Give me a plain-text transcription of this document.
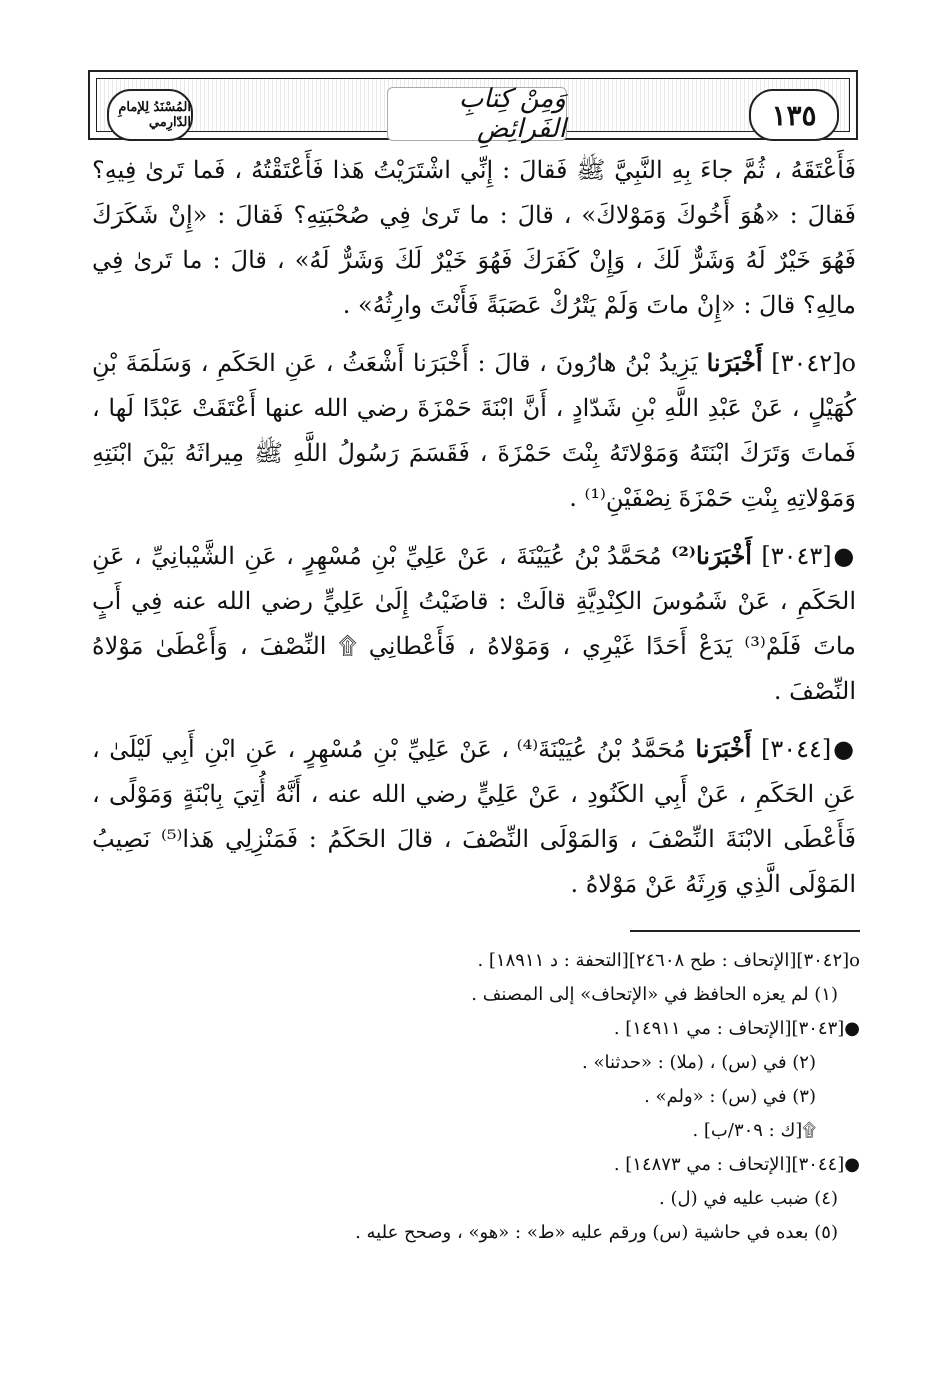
المُسْنَدُ لِلإمامِ الدّارِمي
وَمِنْ كِتابِ الفَرائِضِ	١٣٥

فَأَعْتَقَهُ ، ثُمَّ جاءَ بِهِ النَّبِيَّ ﷺ فَقالَ : إِنِّي اشْتَرَيْتُ هَذا فَأَعْتَقْتُهُ ، فَما تَرىٰ فِيهِ؟ فَقالَ : «هُوَ أَخُوكَ وَمَوْلاكَ» ، قالَ : ما تَرىٰ فِي صُحْبَتِهِ؟ فَقالَ : «إِنْ شَكَرَكَ فَهُوَ خَيْرٌ لَهُ وَشَرٌّ لَكَ ، وَإِنْ كَفَرَكَ فَهُوَ خَيْرٌ لَكَ وَشَرٌّ لَهُ» ، قالَ : ما تَرىٰ فِي مالِهِ؟ قالَ : «إِنْ ماتَ وَلَمْ يَتْرُكْ عَصَبَةً فَأَنْتَ وارِثُهُ» .

o[٣٠٤٢] أَخْبَرَنا يَزِيدُ بْنُ هارُونَ ، قالَ : أَخْبَرَنا أَشْعَثُ ، عَنِ الحَكَمِ ، وَسَلَمَةَ بْنِ كُهَيْلٍ ، عَنْ عَبْدِ اللَّهِ بْنِ شَدّادٍ ، أَنَّ ابْنَةَ حَمْزَةَ رضي الله عنها أَعْتَقَتْ عَبْدًا لَها ، فَماتَ وَتَرَكَ ابْنَتَهُ وَمَوْلاتَهُ بِنْتَ حَمْزَةَ ، فَقَسَمَ رَسُولُ اللَّهِ ﷺ مِيراثَهُ بَيْنَ ابْنَتِهِ وَمَوْلاتِهِ بِنْتِ حَمْزَةَ نِصْفَيْنِ⁽¹⁾ .

●[٣٠٤٣] أَخْبَرَنا⁽²⁾ مُحَمَّدُ بْنُ عُيَيْنَةَ ، عَنْ عَلِيِّ بْنِ مُسْهِرٍ ، عَنِ الشَّيْبانِيِّ ، عَنِ الحَكَمِ ، عَنْ شَمُوسَ الكِنْدِيَّةِ قالَتْ : قاضَيْتُ إِلَىٰ عَلِيٍّ رضي الله عنه فِي أَبٍ ماتَ فَلَمْ⁽³⁾ يَدَعْ أَحَدًا غَيْرِي ، وَمَوْلاهُ ، فَأَعْطانِي ۩ النِّصْفَ ، وَأَعْطَىٰ مَوْلاهُ النِّصْفَ .

●[٣٠٤٤] أَخْبَرَنا مُحَمَّدُ بْنُ عُيَيْنَةَ⁽⁴⁾ ، عَنْ عَلِيِّ بْنِ مُسْهِرٍ ، عَنِ ابْنِ أَبِي لَيْلَىٰ ، عَنِ الحَكَمِ ، عَنْ أَبِي الكَنُودِ ، عَنْ عَلِيٍّ رضي الله عنه ، أَنَّهُ أُتِيَ بِابْنَةٍ وَمَوْلًى ، فَأَعْطَى الابْنَةَ النِّصْفَ ، وَالمَوْلَى النِّصْفَ ، قالَ الحَكَمُ : فَمَنْزِلِي هَذا⁽⁵⁾ نَصِيبُ المَوْلَى الَّذِي وَرِثَهُ عَنْ مَوْلاهُ .

o[٣٠٤٢][الإتحاف : طح ٢٤٦٠٨][التحفة : د ١٨٩١١] .
(١) لم يعزه الحافظ في «الإتحاف» إلى المصنف .
●[٣٠٤٣][الإتحاف : مي ١٤٩١١] .
(٢) في (س) ، (ملا) : «حدثنا» .
(٣) في (س) : «ولم» .
۩[ك : ٣٠٩/ب] .
●[٣٠٤٤][الإتحاف : مي ١٤٨٧٣] .
(٤) ضبب عليه في (ل) .
(٥) بعده في حاشية (س) ورقم عليه «ط» : «هو» ، وصحح عليه .
